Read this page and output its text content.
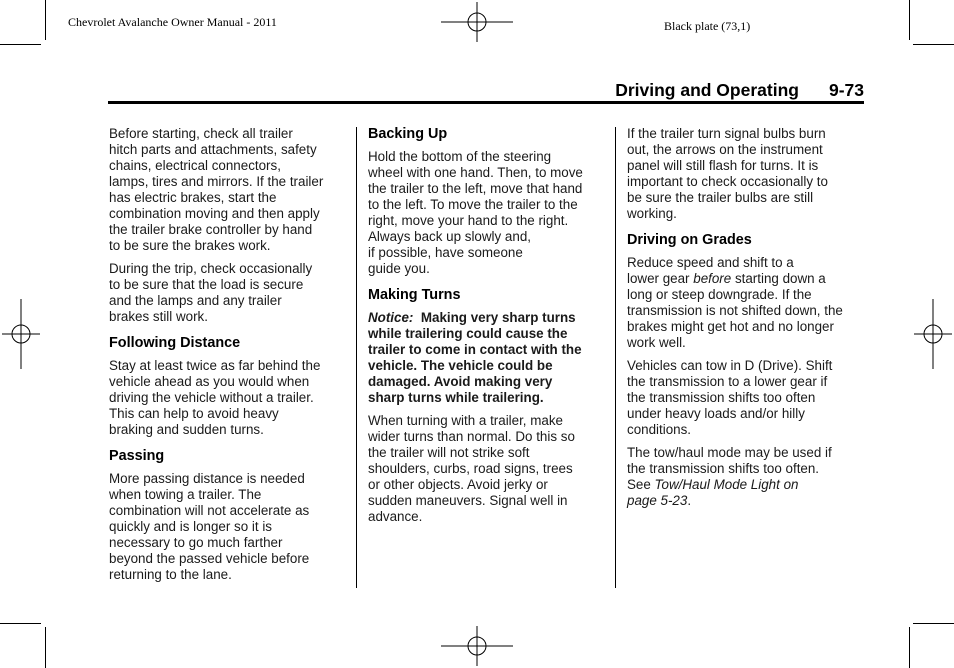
Chevrolet Avalanche Owner Manual - 2011	Black plate (73,1)
Driving and Operating 9-73

Before starting, check all trailer
hitch parts and attachments, safety
chains, electrical connectors,
lamps, tires and mirrors. If the trailer
has electric brakes, start the
combination moving and then apply
the trailer brake controller by hand
to be sure the brakes work.

During the trip, check occasionally
to be sure that the load is secure
and the lamps and any trailer
brakes still work.

Following Distance

Stay at least twice as far behind the
vehicle ahead as you would when
driving the vehicle without a trailer.
This can help to avoid heavy
braking and sudden turns.

Passing

More passing distance is needed
when towing a trailer. The
combination will not accelerate as
quickly and is longer so it is
necessary to go much farther
beyond the passed vehicle before
returning to the lane.

Backing Up

Hold the bottom of the steering
wheel with one hand. Then, to move
the trailer to the left, move that hand
to the left. To move the trailer to the
right, move your hand to the right.
Always back up slowly and,
if possible, have someone
guide you.

Making Turns

Notice: Making very sharp turns
while trailering could cause the
trailer to come in contact with the
vehicle. The vehicle could be
damaged. Avoid making very
sharp turns while trailering.

When turning with a trailer, make
wider turns than normal. Do this so
the trailer will not strike soft
shoulders, curbs, road signs, trees
or other objects. Avoid jerky or
sudden maneuvers. Signal well in
advance.

If the trailer turn signal bulbs burn
out, the arrows on the instrument
panel will still flash for turns. It is
important to check occasionally to
be sure the trailer bulbs are still
working.

Driving on Grades

Reduce speed and shift to a
lower gear before starting down a
long or steep downgrade. If the
transmission is not shifted down, the
brakes might get hot and no longer
work well.

Vehicles can tow in D (Drive). Shift
the transmission to a lower gear if
the transmission shifts too often
under heavy loads and/or hilly
conditions.

The tow/haul mode may be used if
the transmission shifts too often.
See Tow/Haul Mode Light on
page 5-23.
